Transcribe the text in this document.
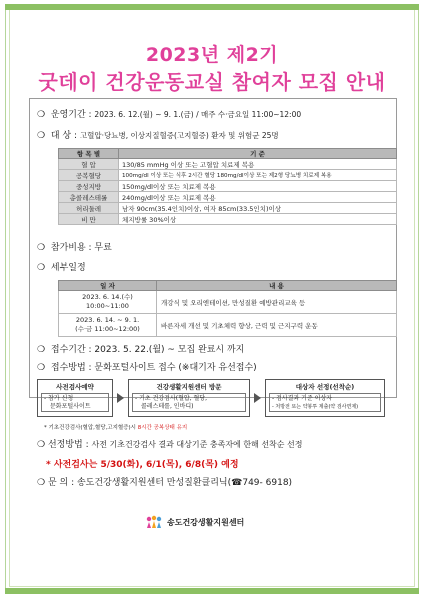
2023년 제2기
굿데이 건강운동교실 참여자 모집 안내
❍ 운영기간 : 2023. 6. 12.(월) ~ 9. 1.(금) / 매주 수·금요일 11:00~12:00
❍ 대 상 : 고혈압·당뇨병, 이상지질혈증(고지혈증) 환자 및 위험군 25명
항 목 별	기 준
혈 압	130/85 mmHg 이상 또는 고혈압 치료제 복용
공복혈당	100mg/dl 이상 또는 식후 2시간 혈당 180mg/dl이상 또는 제2형 당뇨병 치료제 복용
중성지방	150mg/dl이상 또는 치료제 복용
총콜레스테롤	240mg/dl이상 또는 치료제 복용
허리둘레	남자 90cm(35.4인치)이상, 여자 85cm(33.5인치)이상
비 만	체지방률 30%이상
❍ 참가비용 : 무료
❍ 세부일정
일 자	내 용

2023. 6. 14.(수)
10:00~11:00	개강식 및 오리엔테이션, 만성질환 예방관리교육 등

2023. 6. 14. ~ 9. 1.
(수·금 11:00~12:00)	바른자세 개선 및 기초체력 향상, 근력 및 근지구력 운동
❍ 접수기간 : 2023. 5. 22.(월) ~ 모집 완료시 까지
❍ 접수방법 : 문화포털사이트 접수 (※대기자 유선접수)
사전검사예약
- 참가 신청
문화포털사이트
건강생활지원센터 방문
- 기초 건강검사(혈압, 혈당,
콜레스테롤, 인바디)
대상자 선정(선착순)
- 검사결과 기준 이상자
- 처방전 또는 약봉투 제출(약 검사면제)
* 기초건강검사(혈압,혈당,고지혈증)시 8시간 공복상태 유지
❍ 선정방법 : 사전 기초건강검사 결과 대상기준 충족자에 한해 선착순 선정
* 사전검사는 5/30(화), 6/1(목), 6/8(목) 예정
❍ 문 의 : 송도건강생활지원센터 만성질환클리닉(☎749- 6918)
송도건강생활지원센터
